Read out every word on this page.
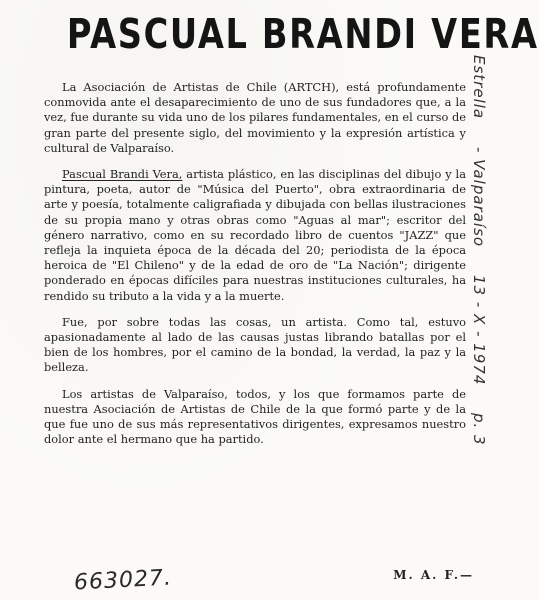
PASCUAL BRANDI VERA

La Asociación de Artistas de Chile (ARTCH), está profundamente conmovida ante el desaparecimiento de uno de sus fundadores que, a la vez, fue durante su vida uno de los pilares fundamentales, en el curso de gran parte del presente siglo, del movimiento y la expresión artística y cultural de Valparaíso.

Pascual Brandi Vera, artista plástico, en las disciplinas del dibujo y la pintura, poeta, autor de "Música del Puerto", obra extraordinaria de arte y poesía, totalmente caligrafiada y dibujada con bellas ilustraciones de su propia mano y otras obras como "Aguas al mar"; escritor del género narrativo, como en su recordado libro de cuentos "JAZZ" que refleja la inquieta época de la década del 20; periodista de la época heroica de "El Chileno" y de la edad de oro de "La Nación"; dirigente ponderado en épocas difíciles para nuestras instituciones culturales, ha rendido su tributo a la vida y a la muerte.

Fue, por sobre todas las cosas, un artista. Como tal, estuvo apasionadamente al lado de las causas justas librando batallas por el bien de los hombres, por el camino de la bondad, la verdad, la paz y la belleza.

Los artistas de Valparaíso, todos, y los que formamos parte de nuestra Asociación de Artistas de Chile de la que formó parte y de la que fue uno de sus más representativos dirigentes, expresamos nuestro dolor ante el hermano que ha partido.

663027.	M. A. F.—
Estrella - Valparaíso 13 - X - 1974 p. 3
